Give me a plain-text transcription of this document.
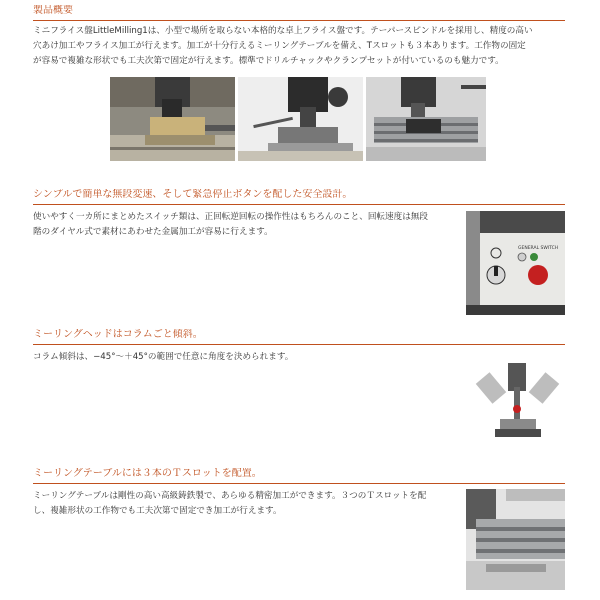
製品概要
ミニフライス盤LittleMilling1は、小型で場所を取らない本格的な卓上フライス盤です。テーパースピンドルを採用し、精度の高い
穴あけ加工やフライス加工が行えます。加工が十分行えるミーリングテーブルを備え、Tスロットも３本あります。工作物の固定
が容易で複雑な形状でも工夫次第で固定が行えます。標準でドリルチャックやクランプセットが付いているのも魅力です。
シンプルで簡単な無段変速、そして緊急停止ボタンを配した安全設計。
使いやすく一カ所にまとめたスイッチ類は、正回転逆回転の操作性はもちろんのこと、回転速度は無段
階のダイヤル式で素材にあわせた金属加工が容易に行えます。
GENERAL SWITCH
ミーリングヘッドはコラムごと傾斜。
コラム傾斜は、−45°～＋45°の範囲で任意に角度を決められます。
ミーリングテーブルには３本のＴスロットを配置。
ミーリングテーブルは剛性の高い高級鋳鉄製で、あらゆる精密加工ができます。３つのＴスロットを配
し、複雑形状の工作物でも工夫次第で固定でき加工が行えます。
